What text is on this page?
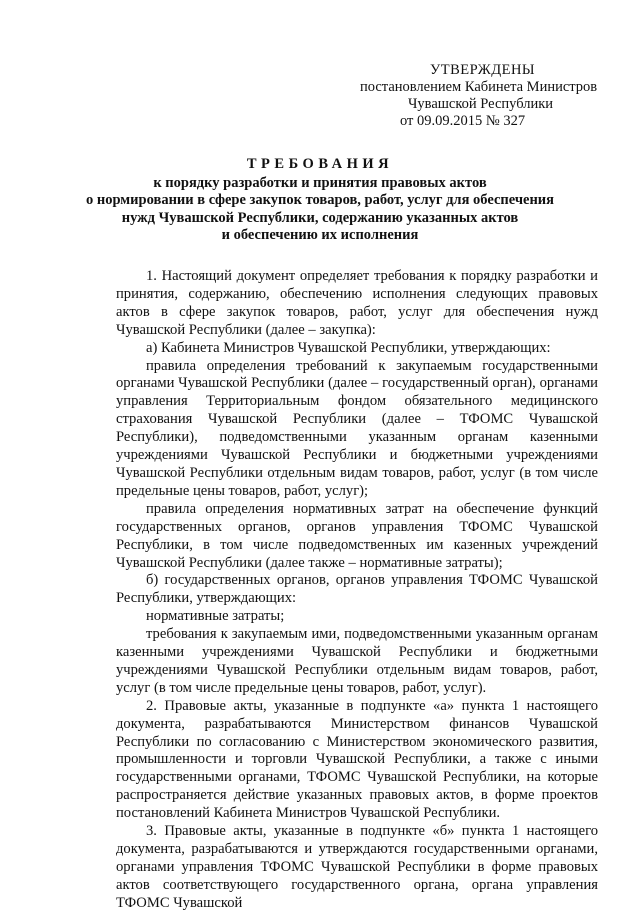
УТВЕРЖДЕНЫ
постановлением Кабинета Министров
Чувашской Республики
от 09.09.2015 № 327
ТРЕБОВАНИЯ
к порядку разработки и принятия правовых актов
о нормировании в сфере закупок товаров, работ, услуг для обеспечения
нужд Чувашской Республики, содержанию указанных актов
и обеспечению их исполнения

1. Настоящий документ определяет требования к порядку разработки и принятия, содержанию, обеспечению исполнения следующих правовых актов в сфере закупок товаров, работ, услуг для обеспечения нужд Чувашской Республики (далее – закупка):

а) Кабинета Министров Чувашской Республики, утверждающих:

правила определения требований к закупаемым государственными органами Чувашской Республики (далее – государственный орган), органами управления Территориальным фондом обязательного медицинского страхования Чувашской Республики (далее – ТФОМС Чувашской Республики), подведомственными указанным органам казенными учреждениями Чувашской Республики и бюджетными учреждениями Чувашской Республики отдельным видам товаров, работ, услуг (в том числе предельные цены товаров, работ, услуг);

правила определения нормативных затрат на обеспечение функций государственных органов, органов управления ТФОМС Чувашской Республики, в том числе подведомственных им казенных учреждений Чувашской Республики (далее также – нормативные затраты);

б) государственных органов, органов управления ТФОМС Чувашской Республики, утверждающих:

нормативные затраты;

требования к закупаемым ими, подведомственными указанным органам казенными учреждениями Чувашской Республики и бюджетными учреждениями Чувашской Республики отдельным видам товаров, работ, услуг (в том числе предельные цены товаров, работ, услуг).

2. Правовые акты, указанные в подпункте «а» пункта 1 настоящего документа, разрабатываются Министерством финансов Чувашской Республики по согласованию с Министерством экономического развития, промышленности и торговли Чувашской Республики, а также с иными государственными органами, ТФОМС Чувашской Республики, на которые распространяется действие указанных правовых актов, в форме проектов постановлений Кабинета Министров Чувашской Республики.

3. Правовые акты, указанные в подпункте «б» пункта 1 настоящего документа, разрабатываются и утверждаются государственными органами, органами управления ТФОМС Чувашской Республики в форме правовых актов соответствующего государственного органа, органа управления ТФОМС Чувашской
